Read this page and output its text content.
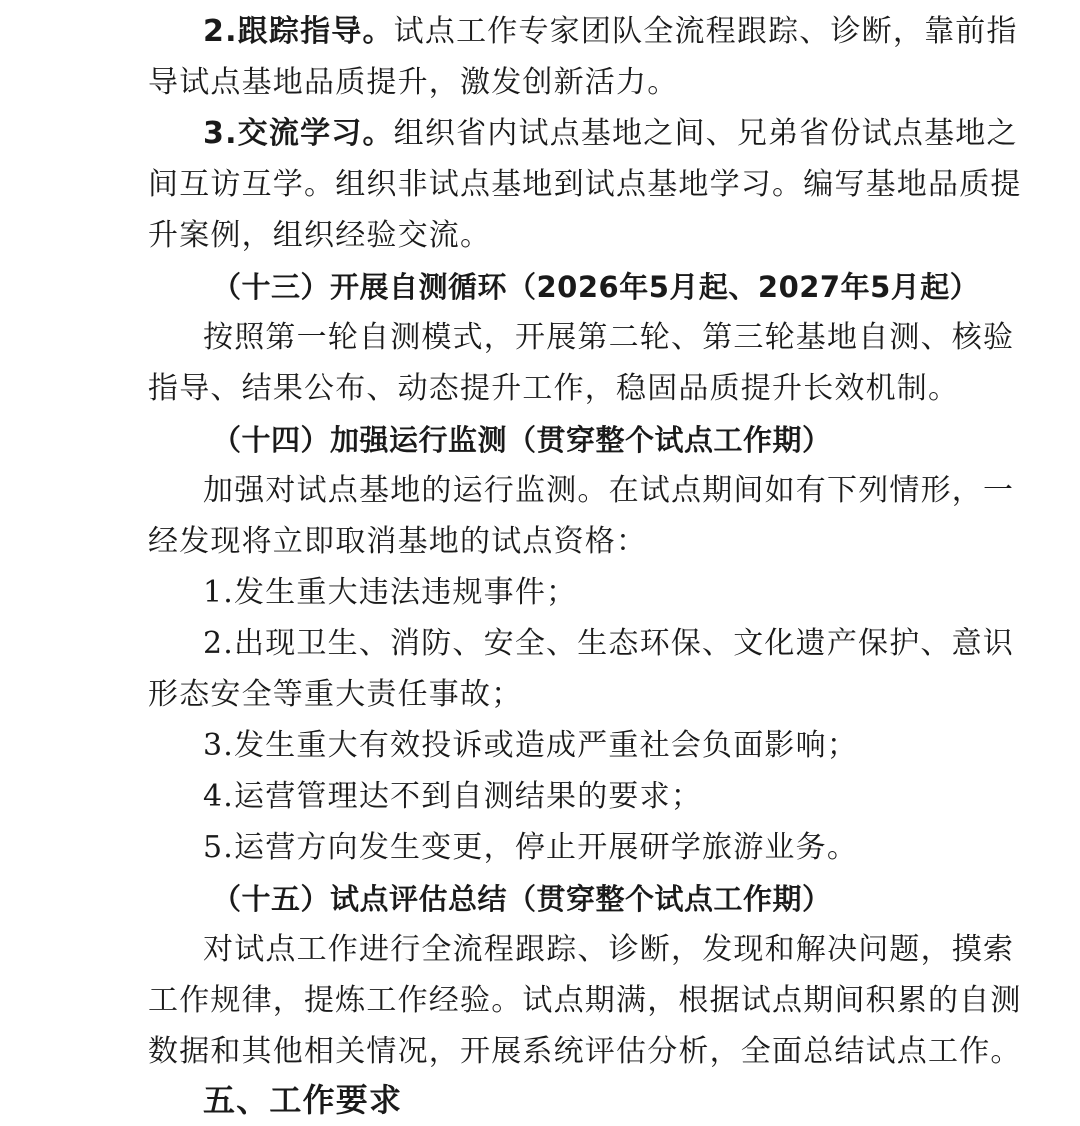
2.跟踪指导。试点工作专家团队全流程跟踪、诊断，靠前指
导试点基地品质提升，激发创新活力。
3.交流学习。组织省内试点基地之间、兄弟省份试点基地之
间互访互学。组织非试点基地到试点基地学习。编写基地品质提
升案例，组织经验交流。
（十三）开展自测循环（2026年5月起、2027年5月起）
按照第一轮自测模式，开展第二轮、第三轮基地自测、核验
指导、结果公布、动态提升工作，稳固品质提升长效机制。
（十四）加强运行监测（贯穿整个试点工作期）
加强对试点基地的运行监测。在试点期间如有下列情形，一
经发现将立即取消基地的试点资格：
1.发生重大违法违规事件；
2.出现卫生、消防、安全、生态环保、文化遗产保护、意识
形态安全等重大责任事故；
3.发生重大有效投诉或造成严重社会负面影响；
4.运营管理达不到自测结果的要求；
5.运营方向发生变更，停止开展研学旅游业务。
（十五）试点评估总结（贯穿整个试点工作期）
对试点工作进行全流程跟踪、诊断，发现和解决问题，摸索
工作规律，提炼工作经验。试点期满，根据试点期间积累的自测
数据和其他相关情况，开展系统评估分析，全面总结试点工作。
五、工作要求
